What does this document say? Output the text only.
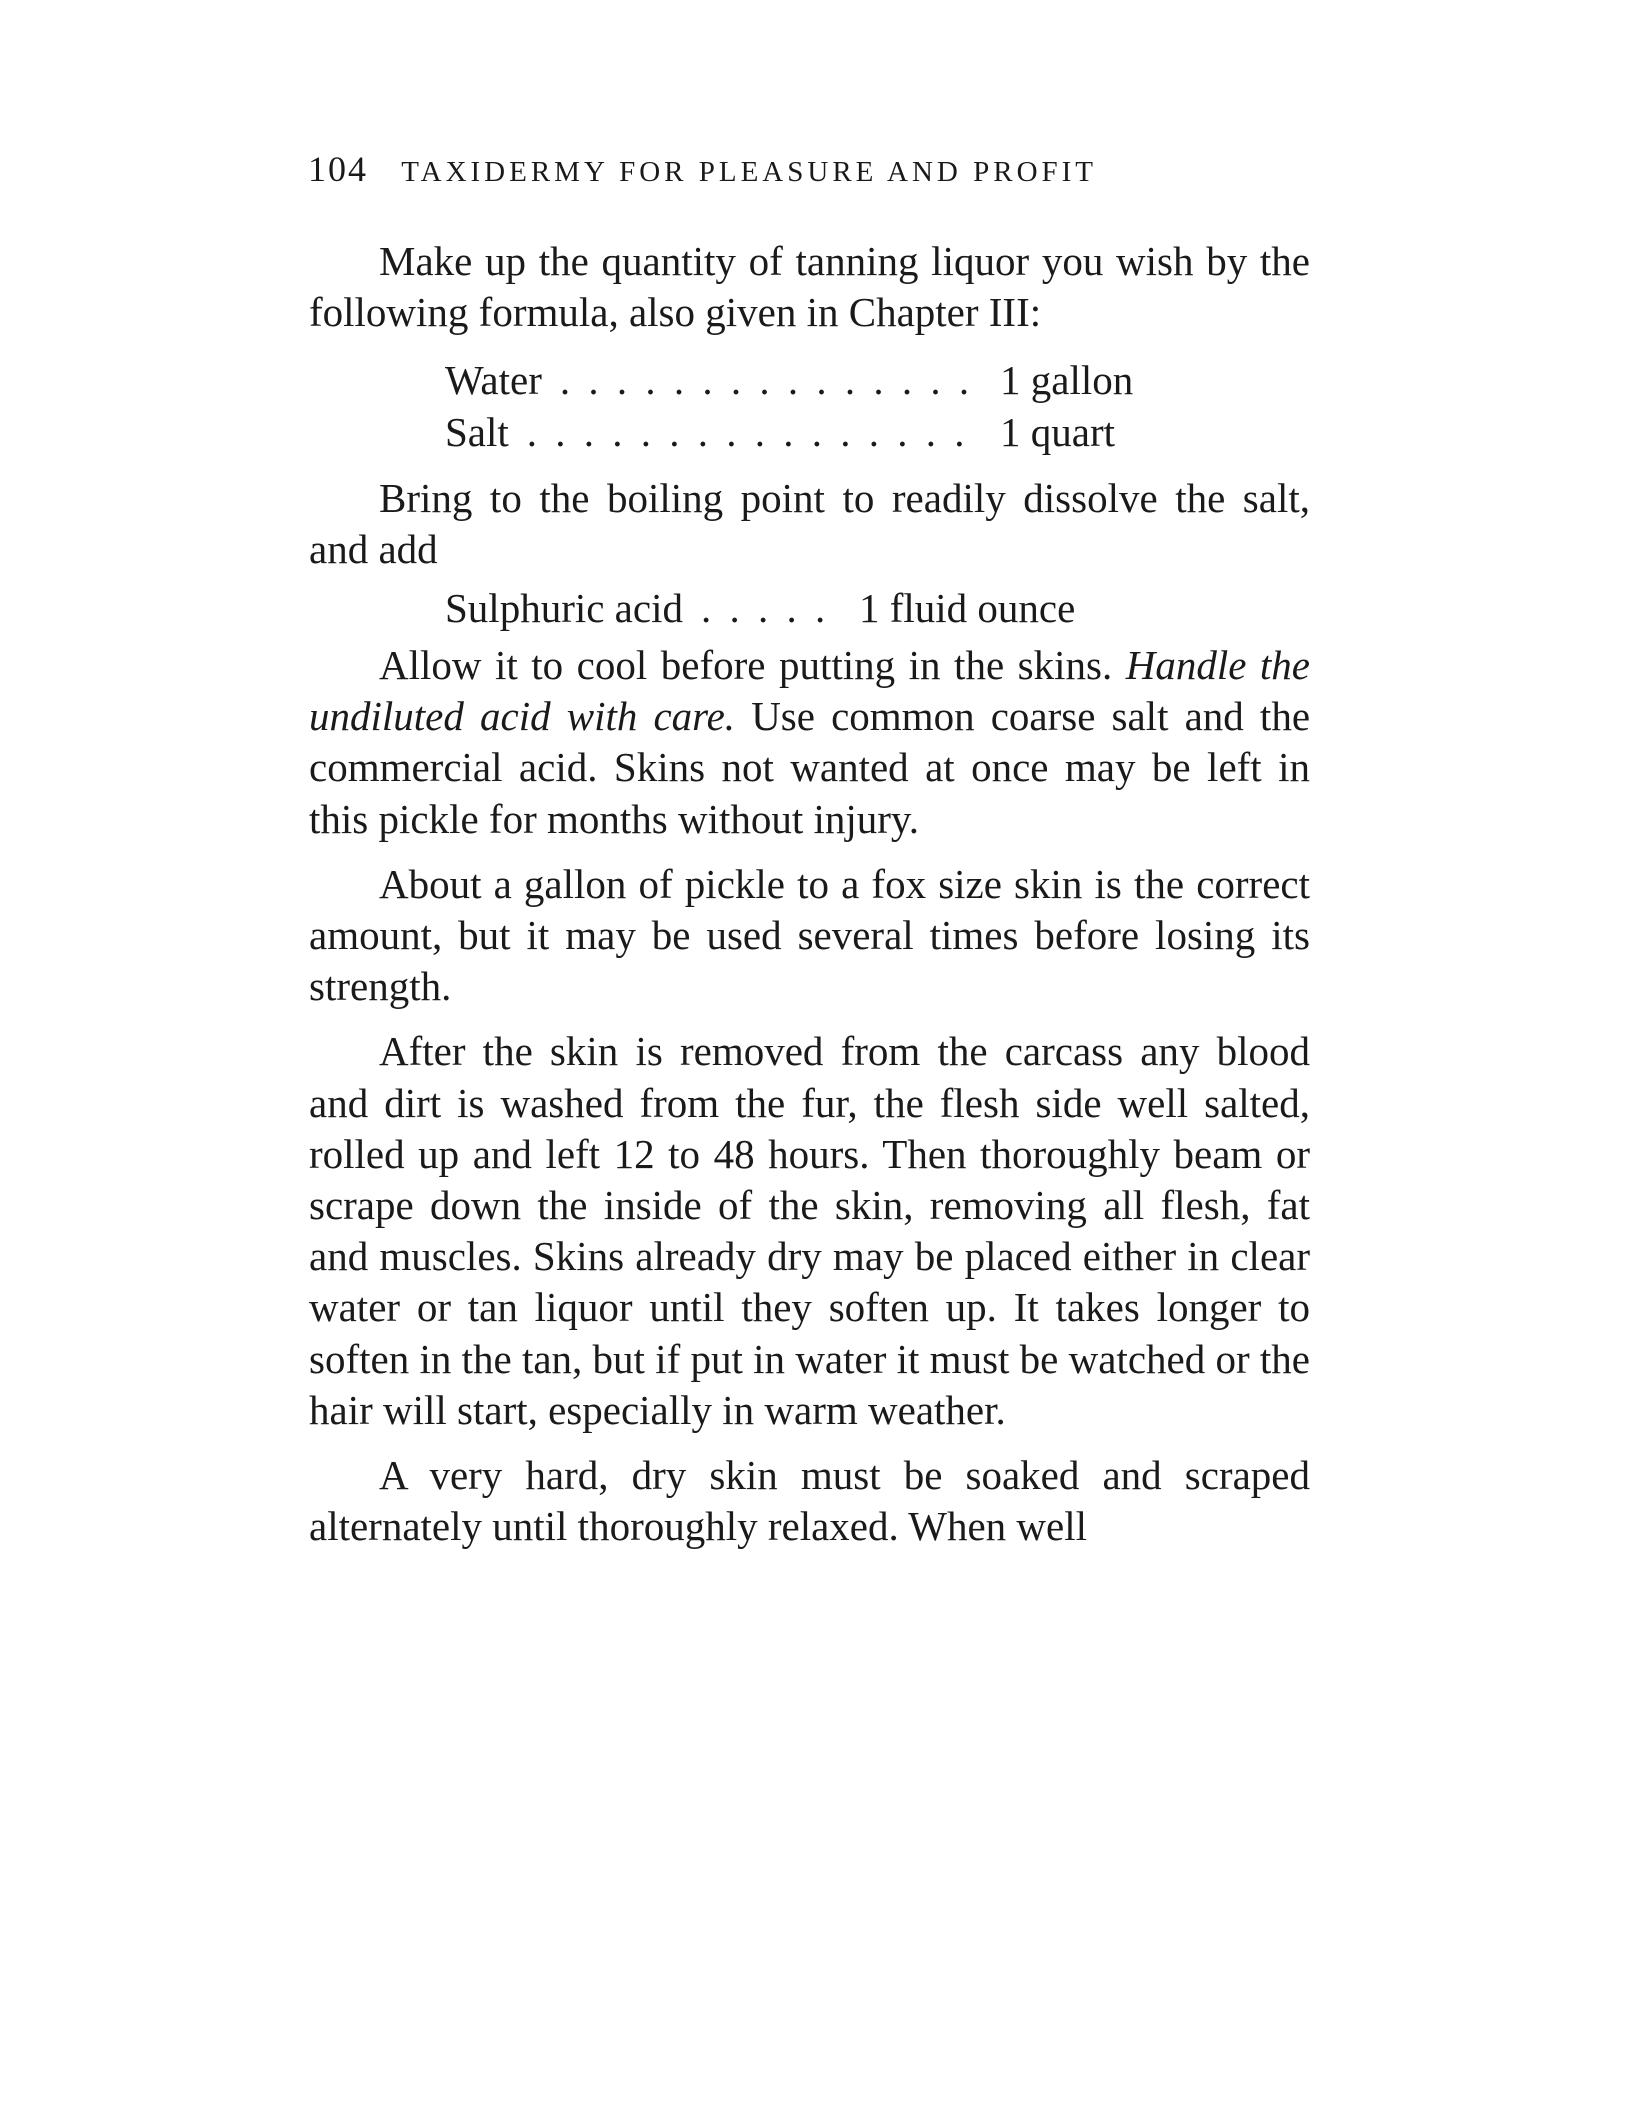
104 TAXIDERMY FOR PLEASURE AND PROFIT

Make up the quantity of tanning liquor you wish by the following formula, also given in Chapter III:

Water . . .	1 gallon
Salt . . .	1 quart

Bring to the boiling point to readily dissolve the salt, and add

Sulphuric acid . . .	1 fluid ounce

Allow it to cool before putting in the skins. Handle the undiluted acid with care. Use common coarse salt and the commercial acid. Skins not wanted at once may be left in this pickle for months without injury.

About a gallon of pickle to a fox size skin is the correct amount, but it may be used several times before losing its strength.

After the skin is removed from the carcass any blood and dirt is washed from the fur, the flesh side well salted, rolled up and left 12 to 48 hours. Then thoroughly beam or scrape down the inside of the skin, removing all flesh, fat and muscles. Skins already dry may be placed either in clear water or tan liquor until they soften up. It takes longer to soften in the tan, but if put in water it must be watched or the hair will start, especially in warm weather.

A very hard, dry skin must be soaked and scraped alternately until thoroughly relaxed. When well
